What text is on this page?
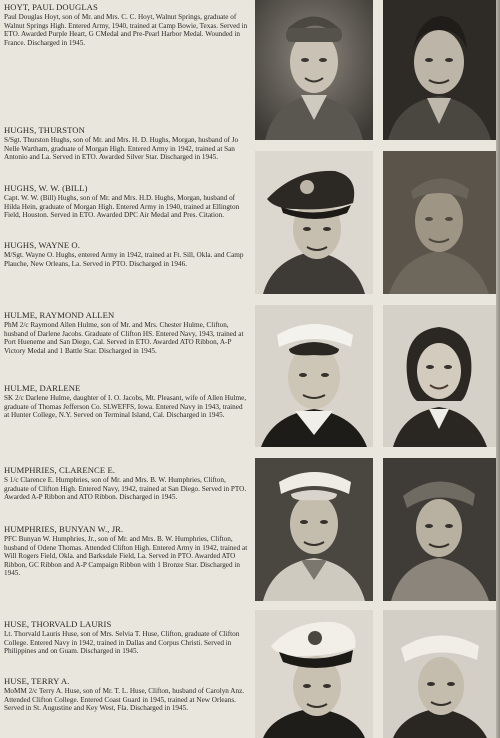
HOYT, PAUL DOUGLAS

Paul Douglas Hoyt, son of Mr. and Mrs. C. C. Hoyt, Walnut Springs, graduate of Walnut Springs High. Entered Army, 1940, trained at Camp Bowie, Texas. Served in ETO. Awarded Purple Heart, G CMedal and Pre-Pearl Harbor Medal. Wounded in France. Discharged in 1945.

HUGHS, THURSTON

S/Sgt. Thurston Hughs, son of Mr. and Mrs. H. D. Hughs, Morgan, husband of Jo Nelle Wartham, graduate of Morgan High. Entered Army in 1942, trained at San Antonio and La. Served in ETO. Awarded Silver Star. Discharged in 1945.

HUGHS, W. W. (BILL)

Capt. W. W. (Bill) Hughs, son of Mr. and Mrs. H.D. Hughs, Morgan, husband of Hilda Hein, graduate of Morgan High. Entered Army in 1940, trained at Ellington Field, Houston. Served in ETO. Awarded DPC Air Medal and Pres. Citation.

HUGHS, WAYNE O.

M/Sgt. Wayne O. Hughs, entered Army in 1942, trained at Ft. Sill, Okla. and Camp Plauche, New Orleans, La. Served in PTO. Discharged in 1946.

HULME, RAYMOND ALLEN

PhM 2/c Raymond Allen Hulme, son of Mr. and Mrs. Chester Hulme, Clifton, husband of Darlene Jacobs. Graduate of Clifton HS. Entered Navy, 1943, trained at Port Hueneme and San Diego, Cal. Served in ETO. Awarded ATO Ribbon, A-P Victory Medal and 1 Battle Star. Discharged in 1945.

HULME, DARLENE

SK 2/c Darlene Hulme, daughter of I. O. Jacobs, Mt. Pleasant, wife of Allen Hulme, graduate of Thomas Jefferson Co. SLWEFFS, Iowa. Entered Navy in 1943, trained at Hunter College, N.Y. Served on Terminal Island, Cal. Discharged in 1945.

HUMPHRIES, CLARENCE E.

S 1/c Clarence E. Humphries, son of Mr. and Mrs. B. W. Humphries, Clifton, graduate of Clifton High. Entered Navy, 1942, trained at San Diego. Served in PTO. Awarded A-P Ribbon and ATO Ribbon. Discharged in 1945.

HUMPHRIES, BUNYAN W., JR.

PFC Bunyan W. Humphries, Jr., son of Mr. and Mrs. B. W. Humphries, Clifton, husband of Odene Thomas. Attended Clifton High. Entered Army in 1942, trained at Will Rogers Field, Okla. and Barksdale Field, La. Served in PTO. Awarded ATO Ribbon, GC Ribbon and A-P Campaign Ribbon with 1 Bronze Star. Discharged in 1945.

HUSE, THORVALD LAURIS

Lt. Thorvald Lauris Huse, son of Mrs. Selvia T. Huse, Clifton, graduate of Clifton College. Entered Navy in 1942, trained in Dallas and Corpus Christi. Served in Philippines and on Guam. Discharged in 1945.

HUSE, TERRY A.

MoMM 2/c Terry A. Huse, son of Mr. T. L. Huse, Clifton, husband of Carolyn Anz. Attended Clifton College. Entered Coast Guard in 1945, trained at New Orleans. Served in St. Augustine and Key West, Fla. Discharged in 1945.
